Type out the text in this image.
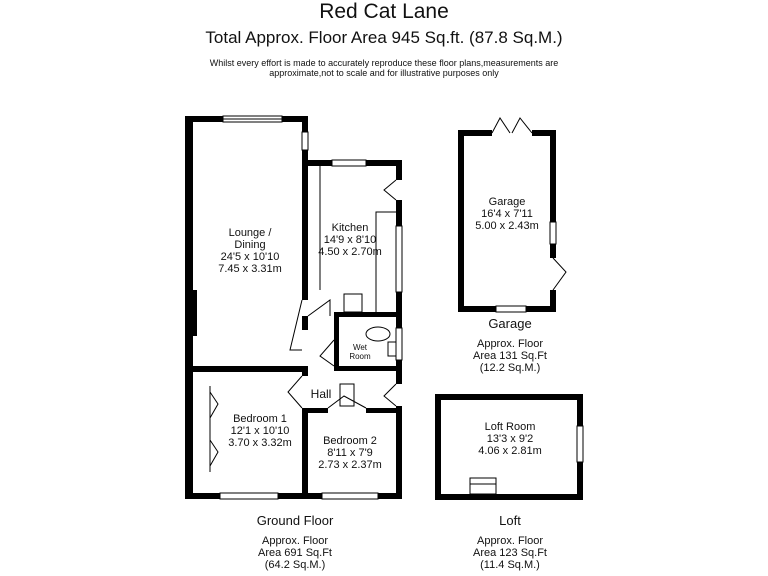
Red Cat Lane
Total Approx. Floor Area 945 Sq.ft. (87.8 Sq.M.)
Whilst every effort is made to accurately reproduce these floor plans,measurements are
approximate,not to scale and for illustrative purposes only
Lounge /
Dining
24'5 x 10'10
7.45 x 3.31m
Kitchen
14'9 x 8'10
4.50 x 2.70m
Wet
Room
Hall
Bedroom 1
12'1 x 10'10
3.70 x 3.32m	Bedroom 2
8'11 x 7'9
2.73 x 2.37m
Garage
16'4 x 7'11
5.00 x 2.43m
Loft Room
13'3 x 9'2
4.06 x 2.81m
Garage
Approx. Floor
Area 131 Sq.Ft
(12.2 Sq.M.)
Ground Floor
Approx. Floor
Area 691 Sq.Ft
(64.2 Sq.M.)
Loft
Approx. Floor
Area 123 Sq.Ft
(11.4 Sq.M.)
